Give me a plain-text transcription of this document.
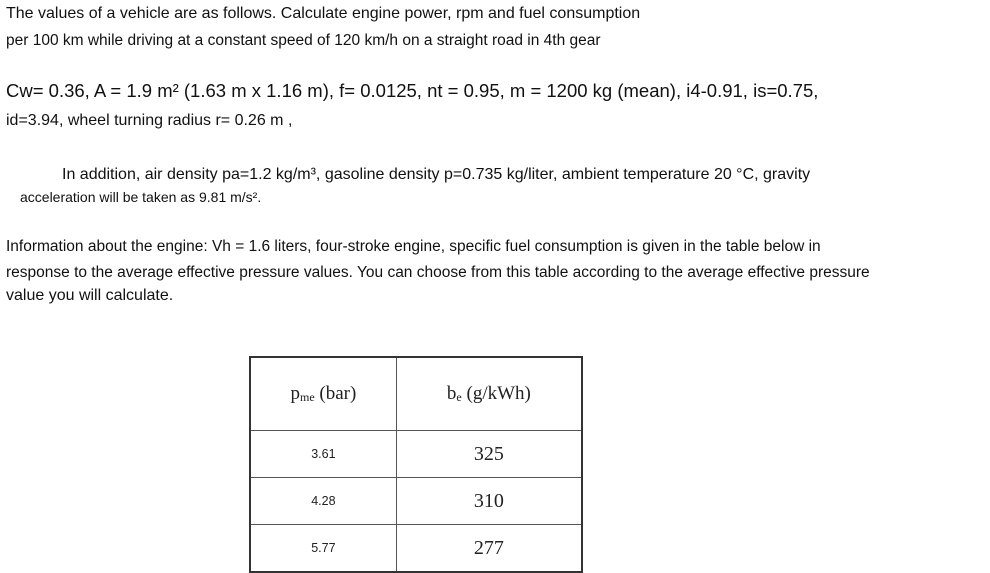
The values of a vehicle are as follows. Calculate engine power, rpm and fuel consumption
per 100 km while driving at a constant speed of 120 km/h on a straight road in 4th gear
Cw= 0.36, A = 1.9 m² (1.63 m x 1.16 m), f= 0.0125, nt = 0.95, m = 1200 kg (mean), i4-0.91, is=0.75,
id=3.94, wheel turning radius r= 0.26 m ,
In addition, air density pa=1.2 kg/m³, gasoline density p=0.735 kg/liter, ambient temperature 20 °C, gravity
acceleration will be taken as 9.81 m/s².
Information about the engine: Vh = 1.6 liters, four-stroke engine, specific fuel consumption is given in the table below in
response to the average effective pressure values. You can choose from this table according to the average effective pressure
value you will calculate.
pme (bar)	be (g/kWh)
3.61	325
4.28	310
5.77	277
